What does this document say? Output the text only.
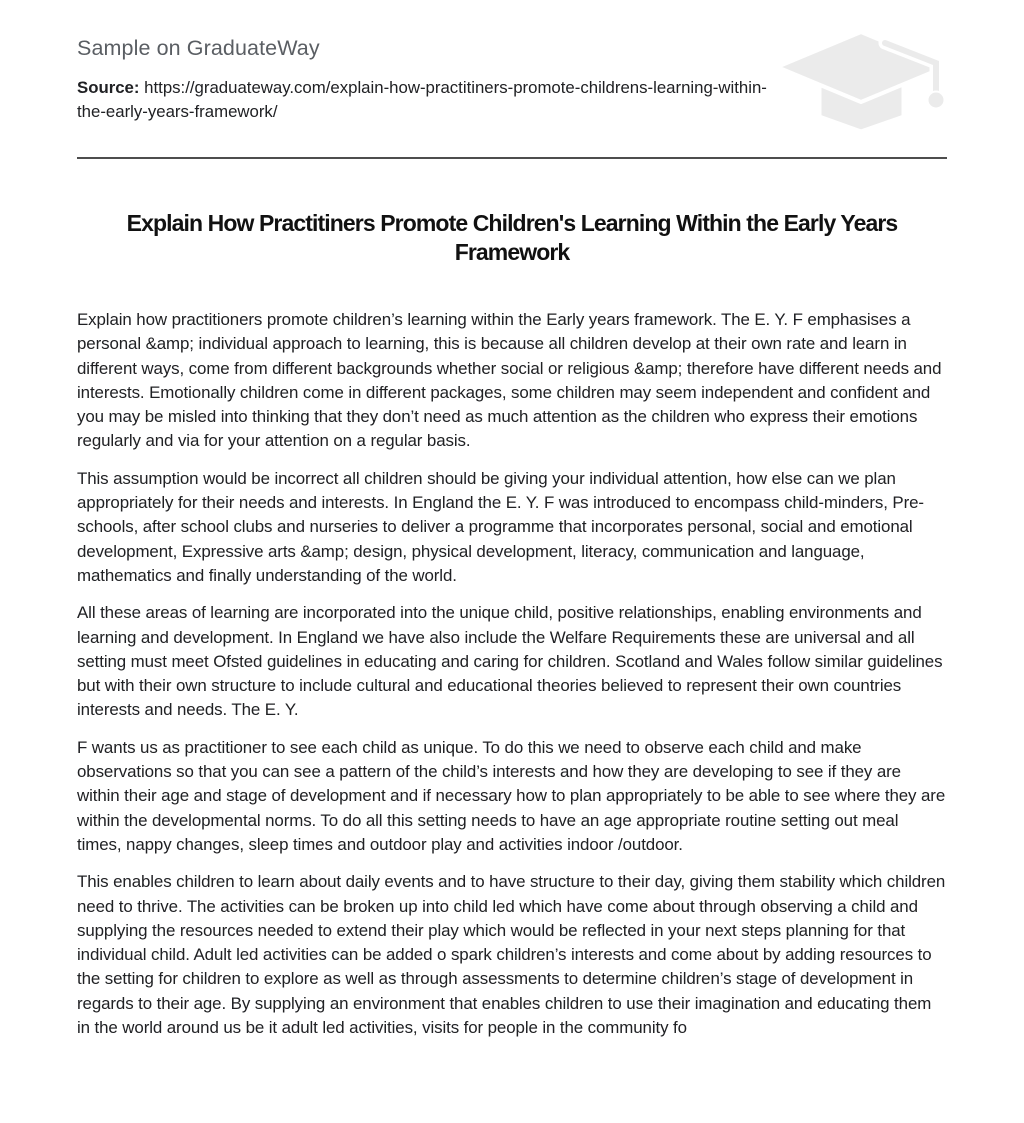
Sample on GraduateWay

Source: https://graduateway.com/explain-how-practitiners-promote-childrens-learning-within-the-early-years-framework/

Explain How Practitiners Promote Children's Learning Within the Early Years Framework

Explain how practitioners promote children’s learning within the Early years framework. The E. Y. F emphasises a personal &amp; individual approach to learning, this is because all children develop at their own rate and learn in different ways, come from different backgrounds whether social or religious &amp; therefore have different needs and interests. Emotionally children come in different packages, some children may seem independent and confident and you may be misled into thinking that they don’t need as much attention as the children who express their emotions regularly and via for your attention on a regular basis.

This assumption would be incorrect all children should be giving your individual attention, how else can we plan appropriately for their needs and interests. In England the E. Y. F was introduced to encompass child-minders, Pre-schools, after school clubs and nurseries to deliver a programme that incorporates personal, social and emotional development, Expressive arts &amp; design, physical development, literacy, communication and language, mathematics and finally understanding of the world.

All these areas of learning are incorporated into the unique child, positive relationships, enabling environments and learning and development. In England we have also include the Welfare Requirements these are universal and all setting must meet Ofsted guidelines in educating and caring for children. Scotland and Wales follow similar guidelines but with their own structure to include cultural and educational theories believed to represent their own countries interests and needs. The E. Y.

F wants us as practitioner to see each child as unique. To do this we need to observe each child and make observations so that you can see a pattern of the child’s interests and how they are developing to see if they are within their age and stage of development and if necessary how to plan appropriately to be able to see where they are within the developmental norms. To do all this setting needs to have an age appropriate routine setting out meal times, nappy changes, sleep times and outdoor play and activities indoor /outdoor.

This enables children to learn about daily events and to have structure to their day, giving them stability which children need to thrive. The activities can be broken up into child led which have come about through observing a child and supplying the resources needed to extend their play which would be reflected in your next steps planning for that individual child. Adult led activities can be added o spark children’s interests and come about by adding resources to the setting for children to explore as well as through assessments to determine children’s stage of development in regards to their age. By supplying an environment that enables children to use their imagination and educating them in the world around us be it adult led activities, visits for people in the community fo
